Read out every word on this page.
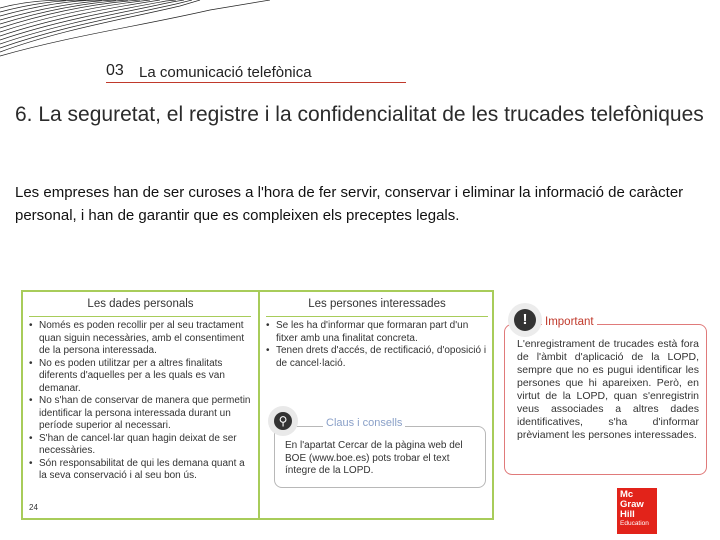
03 La comunicació telefònica
6. La seguretat, el registre i la confidencialitat de les trucades telefòniques
Les empreses han de ser curoses a l'hora de fer servir, conservar i eliminar la informació de caràcter personal, i han de garantir que es compleixen els preceptes legals.
Les dades personals	Les persones interessades
• Només es poden recollir per al seu tractament quan siguin necessàries, amb el consentiment de la persona interessada.
• No es poden utilitzar per a altres finalitats diferents d'aquelles per a les quals es van demanar.
• No s'han de conservar de manera que permetin identificar la persona interessada durant un període superior al necessari.
• S'han de cancel·lar quan hagin deixat de ser necessàries.
• Són responsabilitat de qui les demana quant a la seva conservació i al seu bon ús.
• Se les ha d'informar que formaran part d'un fitxer amb una finalitat concreta.
• Tenen drets d'accés, de rectificació, d'oposició i de cancel·lació.
24
⚲	Claus i consells
En l'apartat Cercar de la pàgina web del BOE (www.boe.es) pots trobar el text íntegre de la LOPD.
!	Important
L'enregistrament de trucades està fora de l'àmbit d'aplicació de la LOPD, sempre que no es pugui identificar les persones que hi apareixen. Però, en virtut de la LOPD, quan s'enregistrin veus associades a altres dades identificatives, s'ha d'informar prèviament les persones interessades.
Mc
Graw
Hill
Education
